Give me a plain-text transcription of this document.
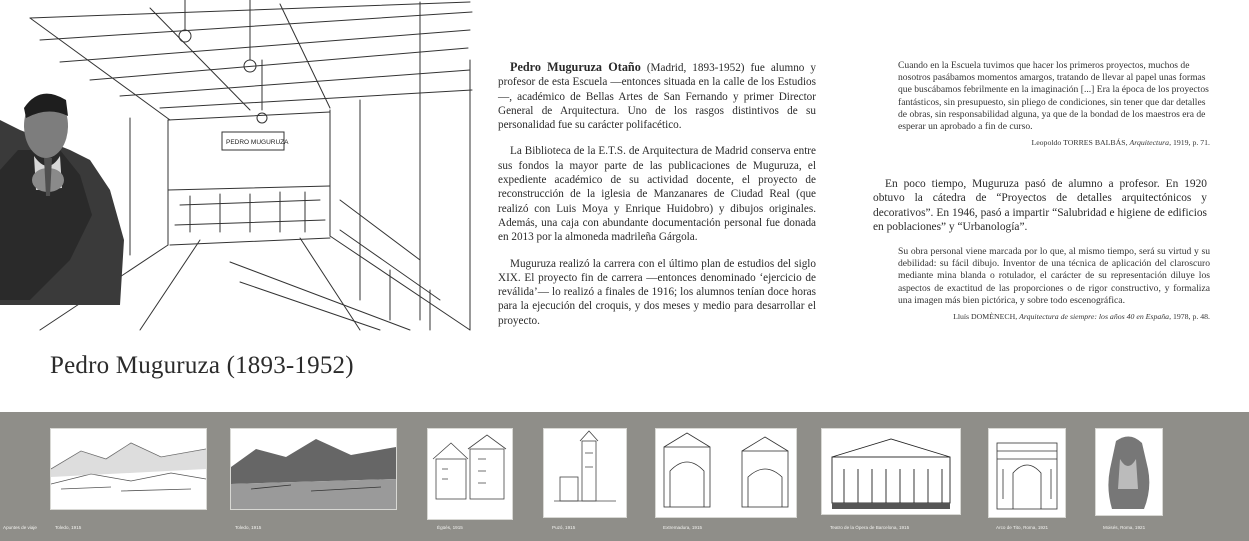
PEDRO MUGURUZA
Pedro Muguruza (1893-1952)

Pedro Muguruza Otaño (Madrid, 1893-1952) fue alumno y profesor de esta Escuela —entonces situada en la calle de los Estudios—, académico de Bellas Artes de San Fernando y primer Director General de Arquitectura. Uno de los rasgos distintivos de su personalidad fue su carácter polifacético.

La Biblioteca de la E.T.S. de Arquitectura de Madrid conserva entre sus fondos la mayor parte de las publicaciones de Muguruza, el expediente académico de su actividad docente, el proyecto de reconstrucción de la iglesia de Manzanares de Ciudad Real (que realizó con Luis Moya y Enrique Huidobro) y dibujos originales. Además, una caja con abundante documentación personal fue donada en 2013 por la almoneda madrileña Gárgola.

Muguruza realizó la carrera con el último plan de estudios del siglo XIX. El proyecto fin de carrera —entonces denominado ‘ejercicio de reválida’— lo realizó a finales de 1916; los alumnos tenían doce horas para la ejecución del croquis, y dos meses y medio para desarrollar el proyecto.

Cuando en la Escuela tuvimos que hacer los primeros proyectos, muchos de nosotros pasábamos momentos amargos, tratando de llevar al papel unas formas que buscábamos febrilmente en la imaginación [...] Era la época de los proyectos fantásticos, sin presupuesto, sin pliego de condiciones, sin tener que dar detalles de obras, sin responsabilidad alguna, ya que de la bondad de los maestros era de esperar un aprobado a fin de curso.
Leopoldo TORRES BALBÁS, Arquitectura, 1919, p. 71.

En poco tiempo, Muguruza pasó de alumno a profesor. En 1920 obtuvo la cátedra de “Proyectos de detalles arquitectónicos y decorativos”. En 1946, pasó a impartir “Salubridad e higiene de edificios en poblaciones” y “Urbanología”.

Su obra personal viene marcada por lo que, al mismo tiempo, será su virtud y su debilidad: su fácil dibujo. Inventor de una técnica de aplicación del claroscuro mediante mina blanda o rotulador, el carácter de su representación diluye los aspectos de exactitud de las proporciones o de rigor constructivo, y formaliza una imagen más bien pictórica, y sobre todo escenográfica.
Lluís DOMÈNECH, Arquitectura de siempre: los años 40 en España, 1978, p. 48.
Apuntes de viaje	Toledo, 1915	Toledo, 1915	Égüés, 1915	Puzó, 1915	Extremadura, 1915	Teatro de la Ópera de Barcelona, 1915	Arco de Tito, Roma, 1921	Moisés, Roma, 1921
